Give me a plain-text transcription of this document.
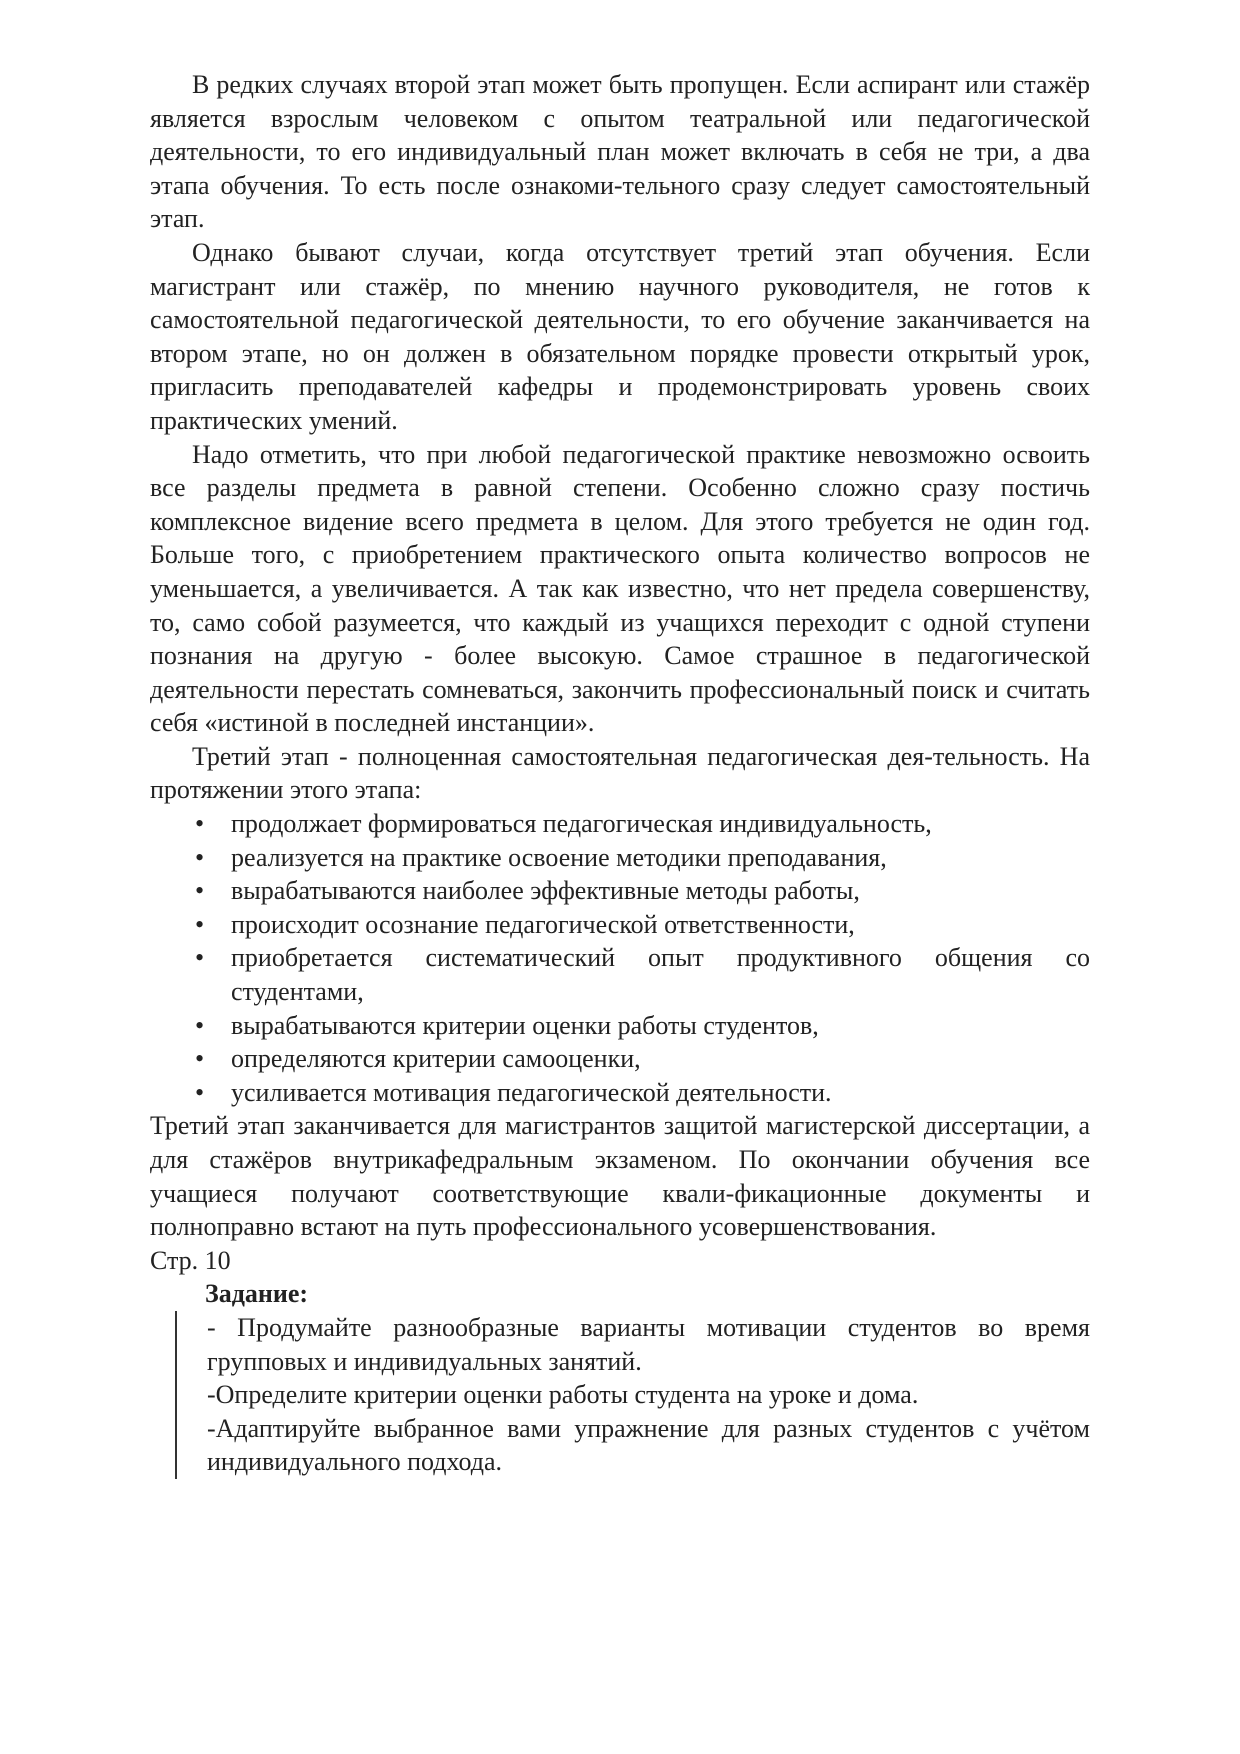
В редких случаях второй этап может быть пропущен. Если аспирант или стажёр является взрослым человеком с опытом театральной или педагогической деятельности, то его индивидуальный план может включать в себя не три, а два этапа обучения. То есть после ознакоми-тельного сразу следует самостоятельный этап.

Однако бывают случаи, когда отсутствует третий этап обучения. Если магистрант или стажёр, по мнению научного руководителя, не готов к самостоятельной педагогической деятельности, то его обучение заканчивается на втором этапе, но он должен в обязательном порядке провести открытый урок, пригласить преподавателей кафедры и продемонстрировать уровень своих практических умений.

Надо отметить, что при любой педагогической практике невозможно освоить все разделы предмета в равной степени. Особенно сложно сразу постичь комплексное видение всего предмета в целом. Для этого требуется не один год. Больше того, с приобретением практического опыта количество вопросов не уменьшается, а увеличивается. А так как известно, что нет предела совершенству, то, само собой разумеется, что каждый из учащихся переходит с одной ступени познания на другую - более высокую. Самое страшное в педагогической деятельности перестать сомневаться, закончить профессиональный поиск и считать себя «истиной в последней инстанции».

Третий этап - полноценная самостоятельная педагогическая дея-тельность. На протяжении этого этапа:

• продолжает формироваться педагогическая индивидуальность,
• реализуется на практике освоение методики преподавания,
• вырабатываются наиболее эффективные методы работы,
• происходит осознание педагогической ответственности,
• приобретается систематический опыт продуктивного общения со студентами,
• вырабатываются критерии оценки работы студентов,
• определяются критерии самооценки,
• усиливается мотивация педагогической деятельности.

Третий этап заканчивается для магистрантов защитой магистерской диссертации, а для стажёров внутрикафедральным экзаменом. По окончании обучения все учащиеся получают соответствующие квали-фикационные документы и полноправно встают на путь профессионального усовершенствования.

Стр. 10

Задание:

- Продумайте разнообразные варианты мотивации студентов во время групповых и индивидуальных занятий.

-Определите критерии оценки работы студента на уроке и дома.

-Адаптируйте выбранное вами упражнение для разных студентов с учётом индивидуального подхода.
